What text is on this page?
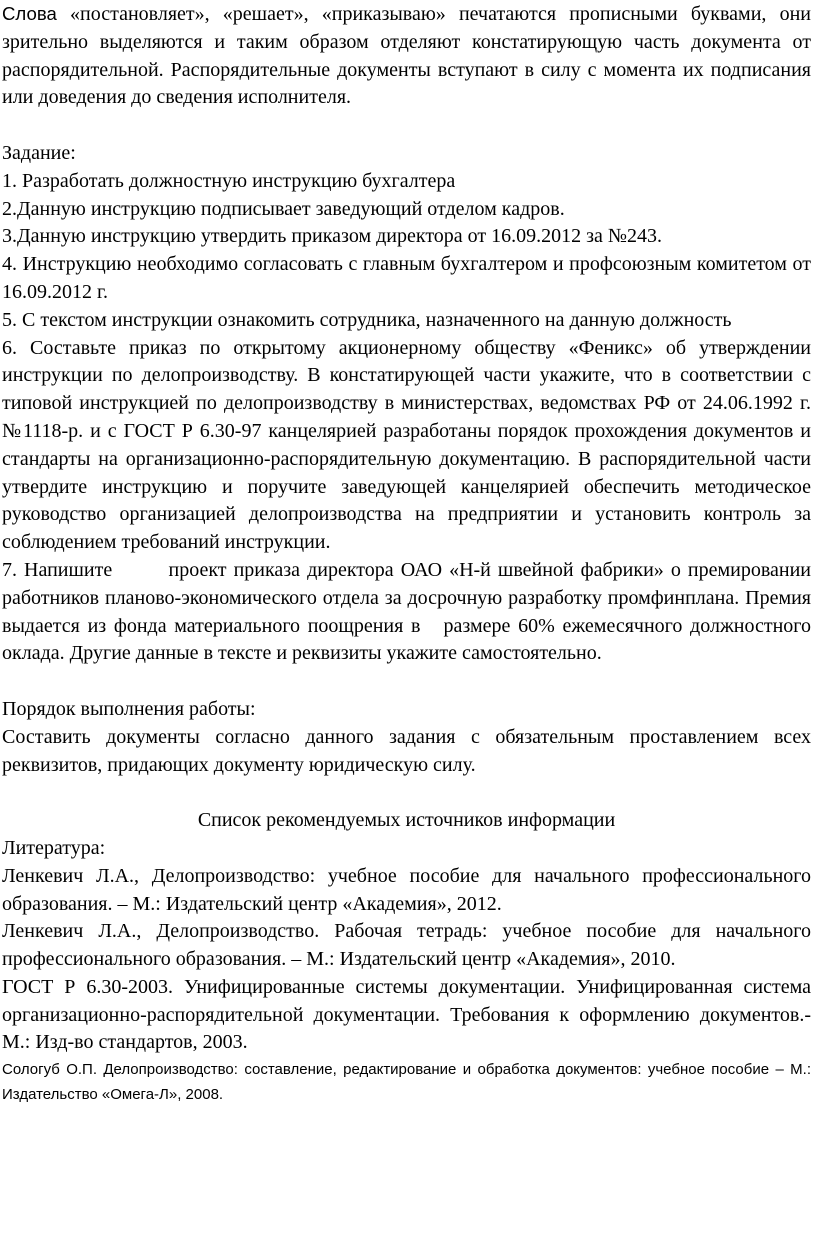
Слова «постановляет», «решает», «приказываю» печатаются прописными буквами, они зрительно выделяются и таким образом отделяют констатирующую часть документа от распорядительной. Распорядительные документы вступают в силу с момента их подписания или доведения до сведения исполнителя.

Задание:

1. Разработать должностную инструкцию бухгалтера

2.Данную инструкцию подписывает заведующий отделом кадров.

3.Данную инструкцию утвердить приказом директора от 16.09.2012 за №243.

4. Инструкцию необходимо согласовать с главным бухгалтером и профсоюзным комитетом от 16.09.2012 г.

5. С текстом инструкции ознакомить сотрудника, назначенного на данную должность

6. Составьте приказ по открытому акционерному обществу «Феникс» об утверждении инструкции по делопроизводству. В констатирующей части укажите, что в соответствии с типовой инструкцией по делопроизводству в министерствах, ведомствах РФ от 24.06.1992 г. №1118-р. и с ГОСТ Р 6.30-97 канцелярией разработаны порядок прохождения документов и стандарты на организационно-распорядительную документацию. В распорядительной части утвердите инструкцию и поручите заведующей канцелярией обеспечить методическое руководство организацией делопроизводства на предприятии и установить контроль за соблюдением требований инструкции.

7. Напишите        проект приказа директора ОАО «Н-й швейной фабрики» о премировании работников планово-экономического отдела за досрочную разработку промфинплана. Премия выдается из фонда материального поощрения в   размере 60% ежемесячного должностного оклада. Другие данные в тексте и реквизиты укажите самостоятельно.

Порядок выполнения работы:

Составить документы согласно данного задания с обязательным проставлением всех реквизитов, придающих документу юридическую силу.

Список рекомендуемых источников информации

Литература:

Ленкевич Л.А., Делопроизводство: учебное пособие для начального профессионального образования. – М.: Издательский центр «Академия», 2012.

Ленкевич Л.А., Делопроизводство. Рабочая тетрадь: учебное пособие для начального профессионального образования. – М.: Издательский центр «Академия», 2010.

ГОСТ Р 6.30-2003. Унифицированные системы документации. Унифицированная система организационно-распорядительной документации. Требования к оформлению документов.- М.: Изд-во стандартов, 2003.

Сологуб О.П. Делопроизводство: составление, редактирование и обработка документов: учебное пособие – М.: Издательство «Омега-Л», 2008.
